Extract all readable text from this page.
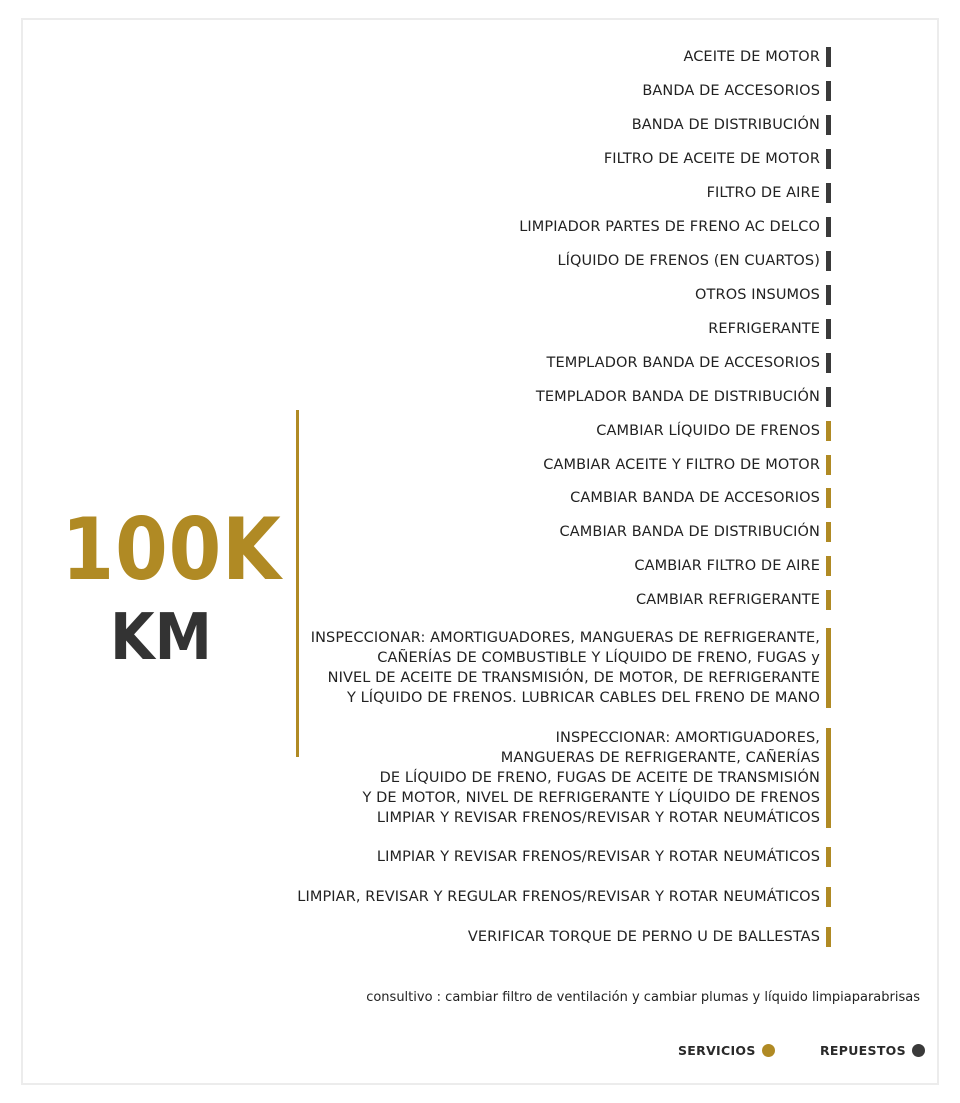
100K
KM
ACEITE DE MOTOR
BANDA DE ACCESORIOS
BANDA DE DISTRIBUCIÓN
FILTRO DE ACEITE DE MOTOR
FILTRO DE AIRE
LIMPIADOR PARTES DE FRENO AC DELCO
LÍQUIDO DE FRENOS (EN CUARTOS)
OTROS INSUMOS
REFRIGERANTE
TEMPLADOR BANDA DE ACCESORIOS
TEMPLADOR BANDA DE DISTRIBUCIÓN
CAMBIAR LÍQUIDO DE FRENOS
CAMBIAR ACEITE Y FILTRO DE MOTOR
CAMBIAR BANDA DE ACCESORIOS
CAMBIAR BANDA DE DISTRIBUCIÓN
CAMBIAR FILTRO DE AIRE
CAMBIAR REFRIGERANTE
INSPECCIONAR: AMORTIGUADORES, MANGUERAS DE REFRIGERANTE,
CAÑERÍAS DE COMBUSTIBLE Y LÍQUIDO DE FRENO, FUGAS y
NIVEL DE ACEITE DE TRANSMISIÓN, DE MOTOR, DE REFRIGERANTE
Y LÍQUIDO DE FRENOS. LUBRICAR CABLES DEL FRENO DE MANO
INSPECCIONAR: AMORTIGUADORES,
MANGUERAS DE REFRIGERANTE, CAÑERÍAS
DE LÍQUIDO DE FRENO, FUGAS DE ACEITE DE TRANSMISIÓN
Y DE MOTOR, NIVEL DE REFRIGERANTE Y LÍQUIDO DE FRENOS
LIMPIAR Y REVISAR FRENOS/REVISAR Y ROTAR NEUMÁTICOS
LIMPIAR Y REVISAR FRENOS/REVISAR Y ROTAR NEUMÁTICOS
LIMPIAR, REVISAR Y REGULAR FRENOS/REVISAR Y ROTAR NEUMÁTICOS
VERIFICAR TORQUE DE PERNO U DE BALLESTAS
consultivo : cambiar filtro de ventilación y cambiar plumas y líquido limpiaparabrisas
SERVICIOS	REPUESTOS
